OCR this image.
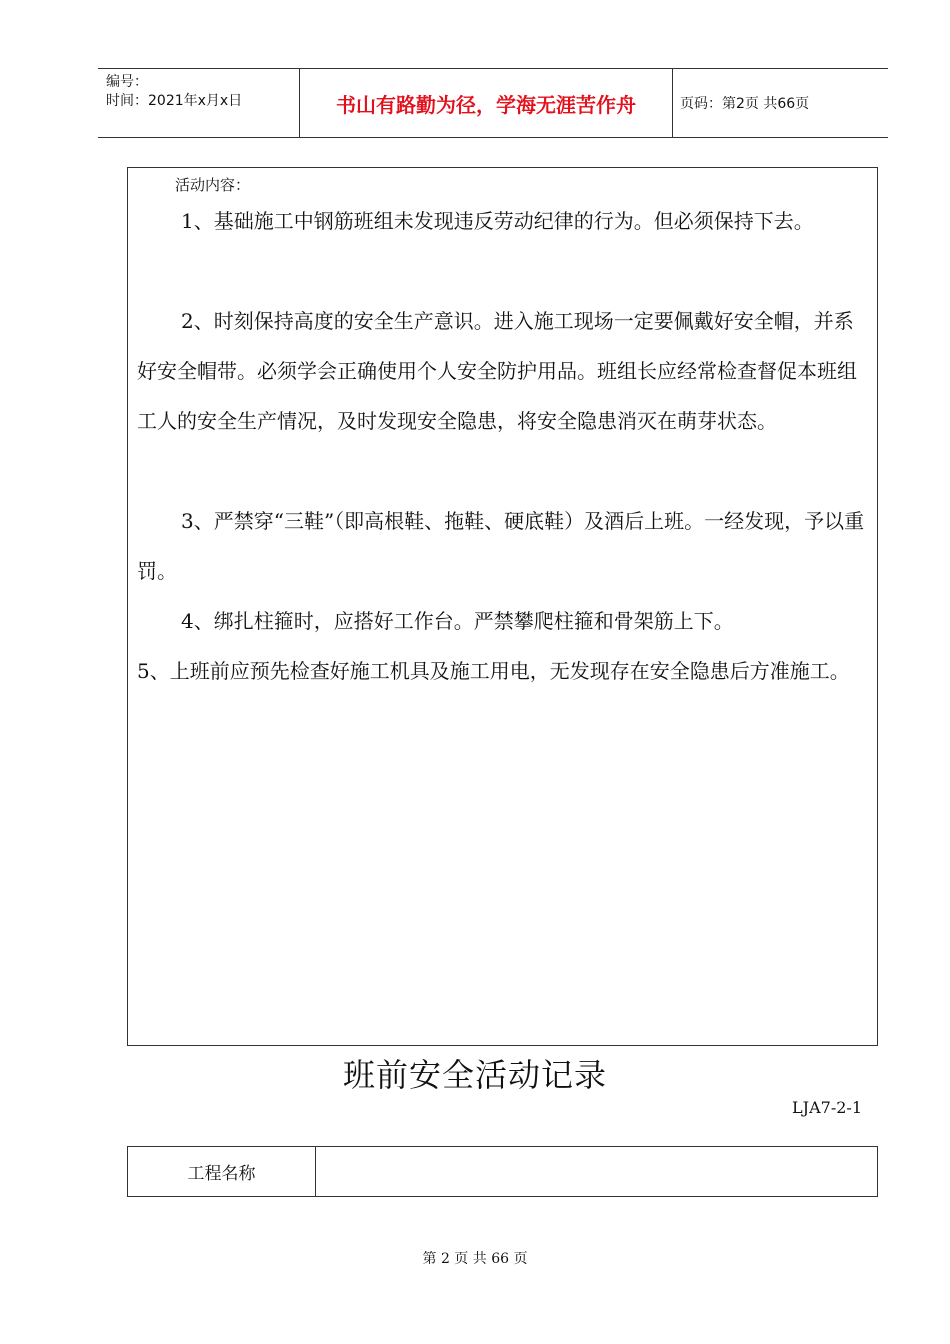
编号：
时间：2021年x月x日	书山有路勤为径，学海无涯苦作舟	页码：第2页 共66页
活动内容：

1、基础施工中钢筋班组未发现违反劳动纪律的行为。但必须保持下去。

2、时刻保持高度的安全生产意识。进入施工现场一定要佩戴好安全帽，并系好安全帽带。必须学会正确使用个人安全防护用品。班组长应经常检查督促本班组工人的安全生产情况，及时发现安全隐患，将安全隐患消灭在萌芽状态。

3、严禁穿“三鞋”（即高根鞋、拖鞋、硬底鞋）及酒后上班。一经发现，予以重罚。

4、绑扎柱箍时，应搭好工作台。严禁攀爬柱箍和骨架筋上下。

5、上班前应预先检查好施工机具及施工用电，无发现存在安全隐患后方准施工。

班前安全活动记录
LJA7-2-1
工程名称
第 2 页 共 66 页
